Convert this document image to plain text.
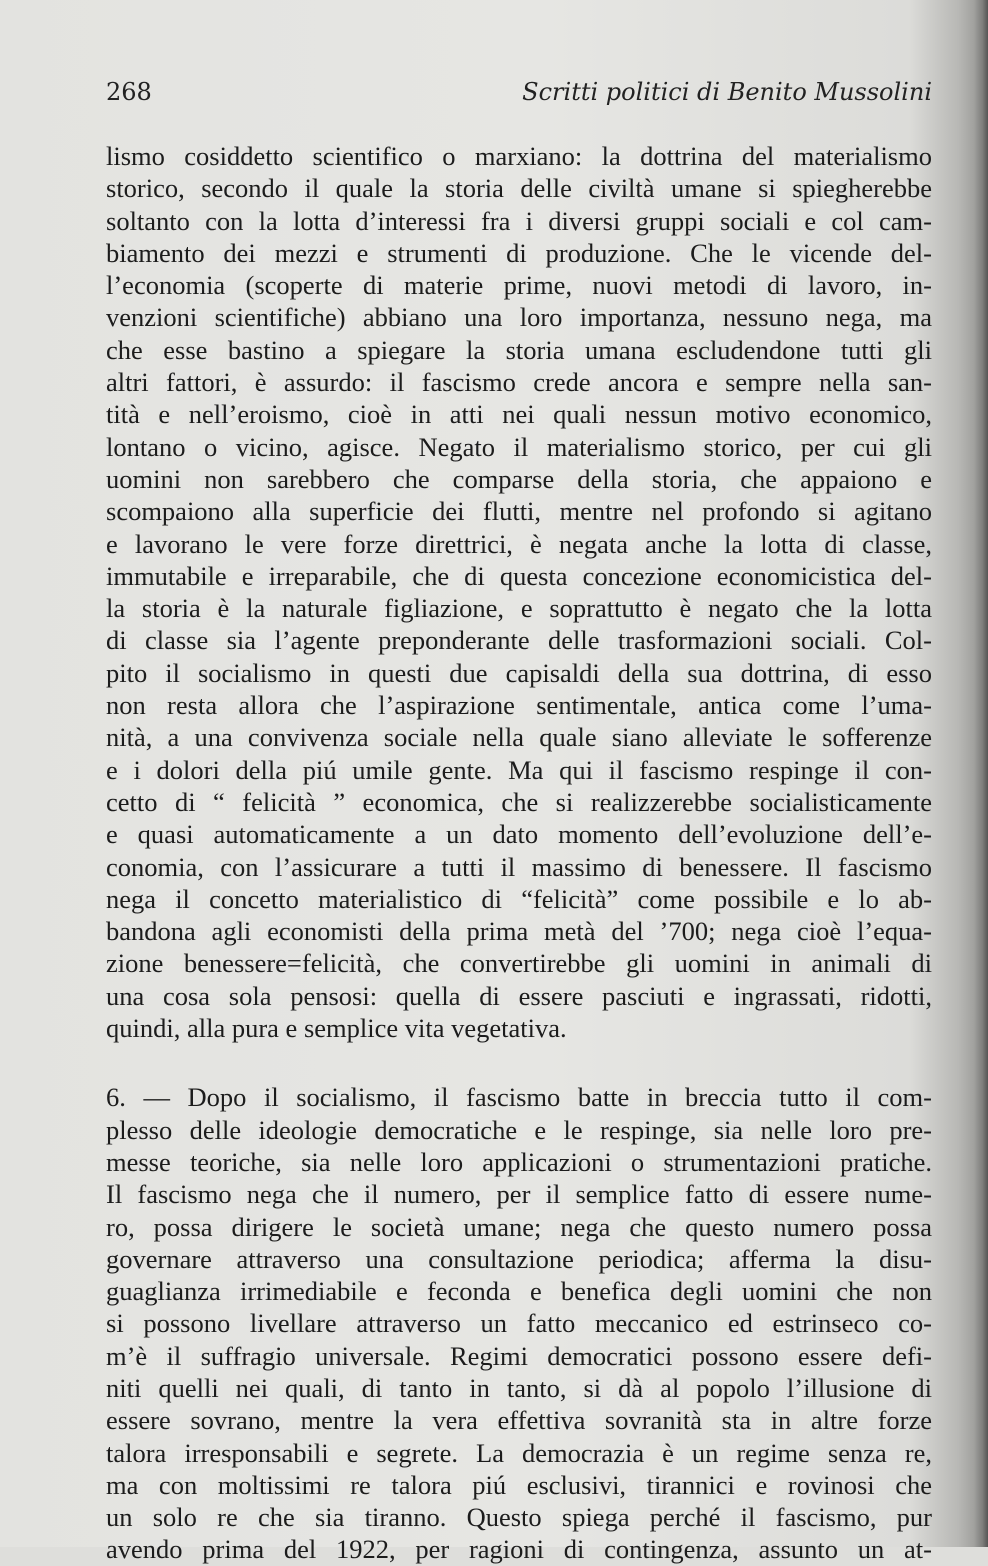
268	Scritti politici di Benito Mussolini
lismo cosiddetto scientifico o marxiano: la dottrina del materialismo
storico, secondo il quale la storia delle civiltà umane si spiegherebbe
soltanto con la lotta d’interessi fra i diversi gruppi sociali e col cam-
biamento dei mezzi e strumenti di produzione. Che le vicende del-
l’economia (scoperte di materie prime, nuovi metodi di lavoro, in-
venzioni scientifiche) abbiano una loro importanza, nessuno nega, ma
che esse bastino a spiegare la storia umana escludendone tutti gli
altri fattori, è assurdo: il fascismo crede ancora e sempre nella san-
tità e nell’eroismo, cioè in atti nei quali nessun motivo economico,
lontano o vicino, agisce. Negato il materialismo storico, per cui gli
uomini non sarebbero che comparse della storia, che appaiono e
scompaiono alla superficie dei flutti, mentre nel profondo si agitano
e lavorano le vere forze direttrici, è negata anche la lotta di classe,
immutabile e irreparabile, che di questa concezione economicistica del-
la storia è la naturale figliazione, e soprattutto è negato che la lotta
di classe sia l’agente preponderante delle trasformazioni sociali. Col-
pito il socialismo in questi due capisaldi della sua dottrina, di esso
non resta allora che l’aspirazione sentimentale, antica come l’uma-
nità, a una convivenza sociale nella quale siano alleviate le sofferenze
e i dolori della piú umile gente. Ma qui il fascismo respinge il con-
cetto di “ felicità ” economica, che si realizzerebbe socialisticamente
e quasi automaticamente a un dato momento dell’evoluzione dell’e-
conomia, con l’assicurare a tutti il massimo di benessere. Il fascismo
nega il concetto materialistico di “felicità” come possibile e lo ab-
bandona agli economisti della prima metà del ’700; nega cioè l’equa-
zione benessere=felicità, che convertirebbe gli uomini in animali di
una cosa sola pensosi: quella di essere pasciuti e ingrassati, ridotti,
quindi, alla pura e semplice vita vegetativa.
6. — Dopo il socialismo, il fascismo batte in breccia tutto il com-
plesso delle ideologie democratiche e le respinge, sia nelle loro pre-
messe teoriche, sia nelle loro applicazioni o strumentazioni pratiche.
Il fascismo nega che il numero, per il semplice fatto di essere nume-
ro, possa dirigere le società umane; nega che questo numero possa
governare attraverso una consultazione periodica; afferma la disu-
guaglianza irrimediabile e feconda e benefica degli uomini che non
si possono livellare attraverso un fatto meccanico ed estrinseco co-
m’è il suffragio universale. Regimi democratici possono essere defi-
niti quelli nei quali, di tanto in tanto, si dà al popolo l’illusione di
essere sovrano, mentre la vera effettiva sovranità sta in altre forze
talora irresponsabili e segrete. La democrazia è un regime senza re,
ma con moltissimi re talora piú esclusivi, tirannici e rovinosi che
un solo re che sia tiranno. Questo spiega perché il fascismo, pur
avendo prima del 1922, per ragioni di contingenza, assunto un at-
